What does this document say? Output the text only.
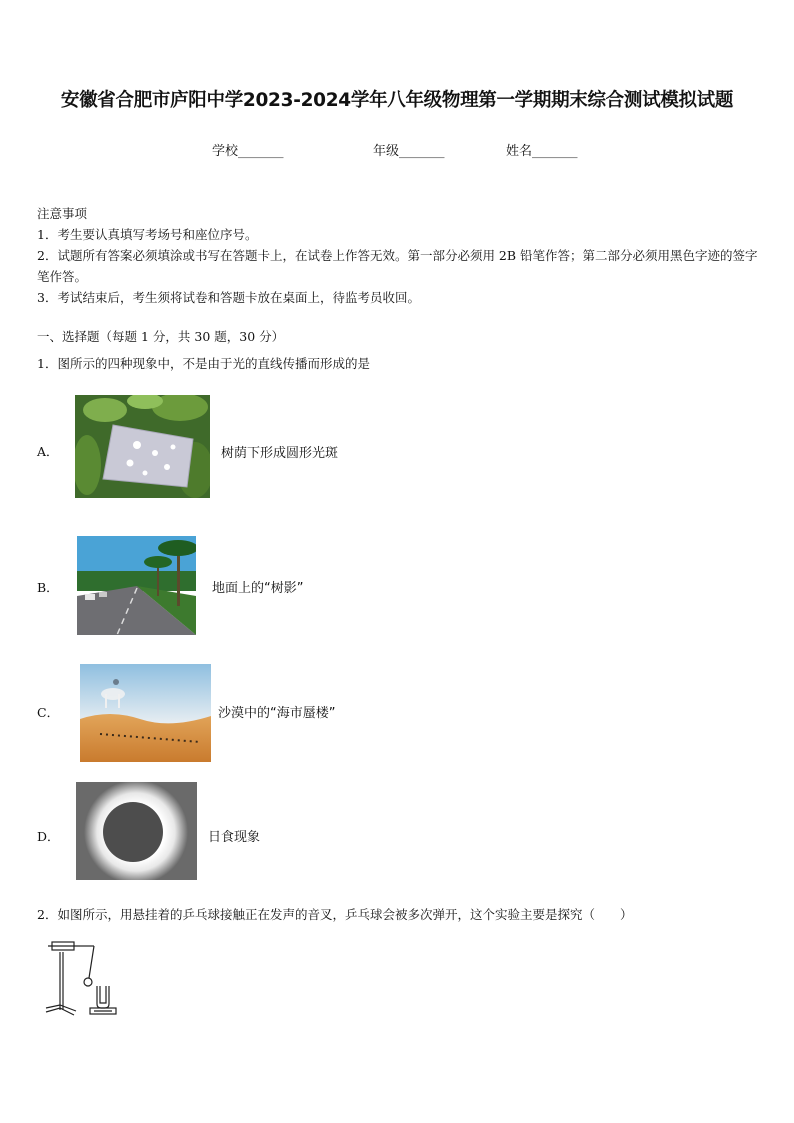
安徽省合肥市庐阳中学2023-2024学年八年级物理第一学期期末综合测试模拟试题
学校_______	年级_______	姓名_______

注意事项

1．考生要认真填写考场号和座位序号。

2．试题所有答案必须填涂或书写在答题卡上，在试卷上作答无效。第一部分必须用 2B 铅笔作答；第二部分必须用黑色字迹的签字笔作答。

3．考试结束后，考生须将试卷和答题卡放在桌面上，待监考员收回。

一、选择题（每题 1 分，共 30 题，30 分）
1．图所示的四种现象中，不是由于光的直线传播而形成的是
A．	树荫下形成圆形光斑
B．	地面上的“树影”
C．	沙漠中的“海市蜃楼”
D．	日食现象
2．如图所示，用悬挂着的乒乓球接触正在发声的音叉，乒乓球会被多次弹开，这个实验主要是探究（　　）
